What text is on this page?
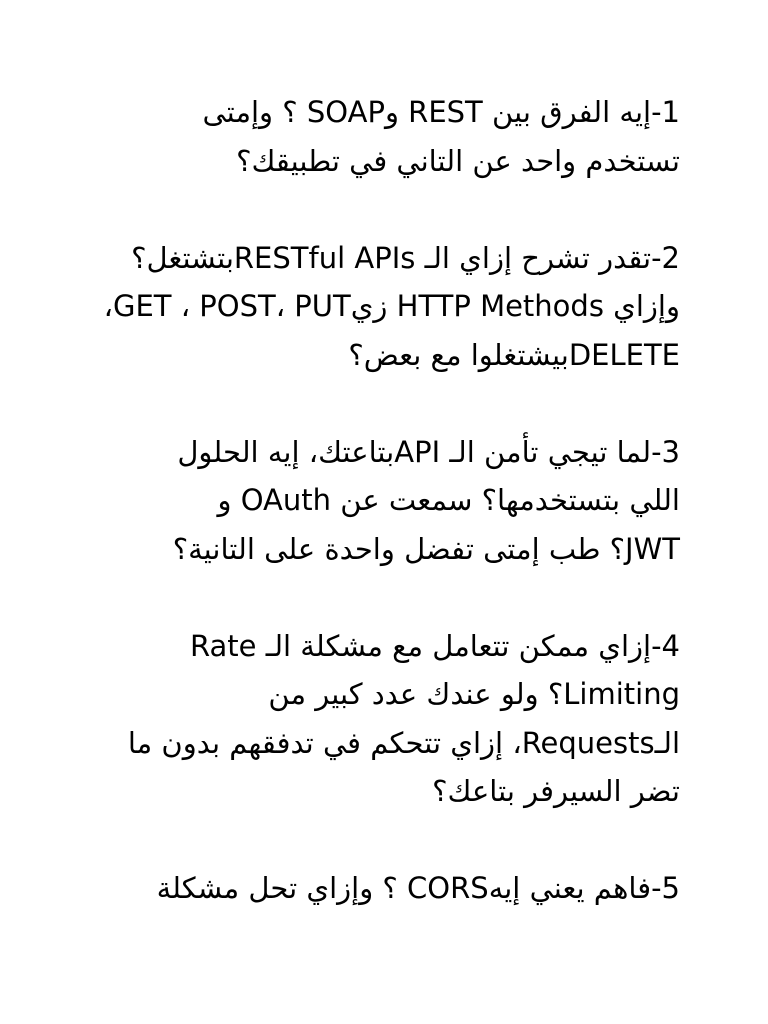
1-إيه الفرق بين REST وSOAP ؟ وإمتى
تستخدم واحد عن التاني في تطبيقك؟
2-تقدر تشرح إزاي الـ RESTful APIsبتشتغل؟
وإزاي HTTP Methods زيGET ، POST، PUT،
DELETEبيشتغلوا مع بعض؟
3-لما تيجي تأمن الـ APIبتاعتك، إيه الحلول
اللي بتستخدمها؟ سمعت عن OAuth و
JWT؟ طب إمتى تفضل واحدة على التانية؟
4-إزاي ممكن تتعامل مع مشكلة الـ Rate
Limiting؟ ولو عندك عدد كبير من
الـRequests، إزاي تتحكم في تدفقهم بدون ما
تضر السيرفر بتاعك؟
5-فاهم يعني إيهCORS ؟ وإزاي تحل مشكلة
